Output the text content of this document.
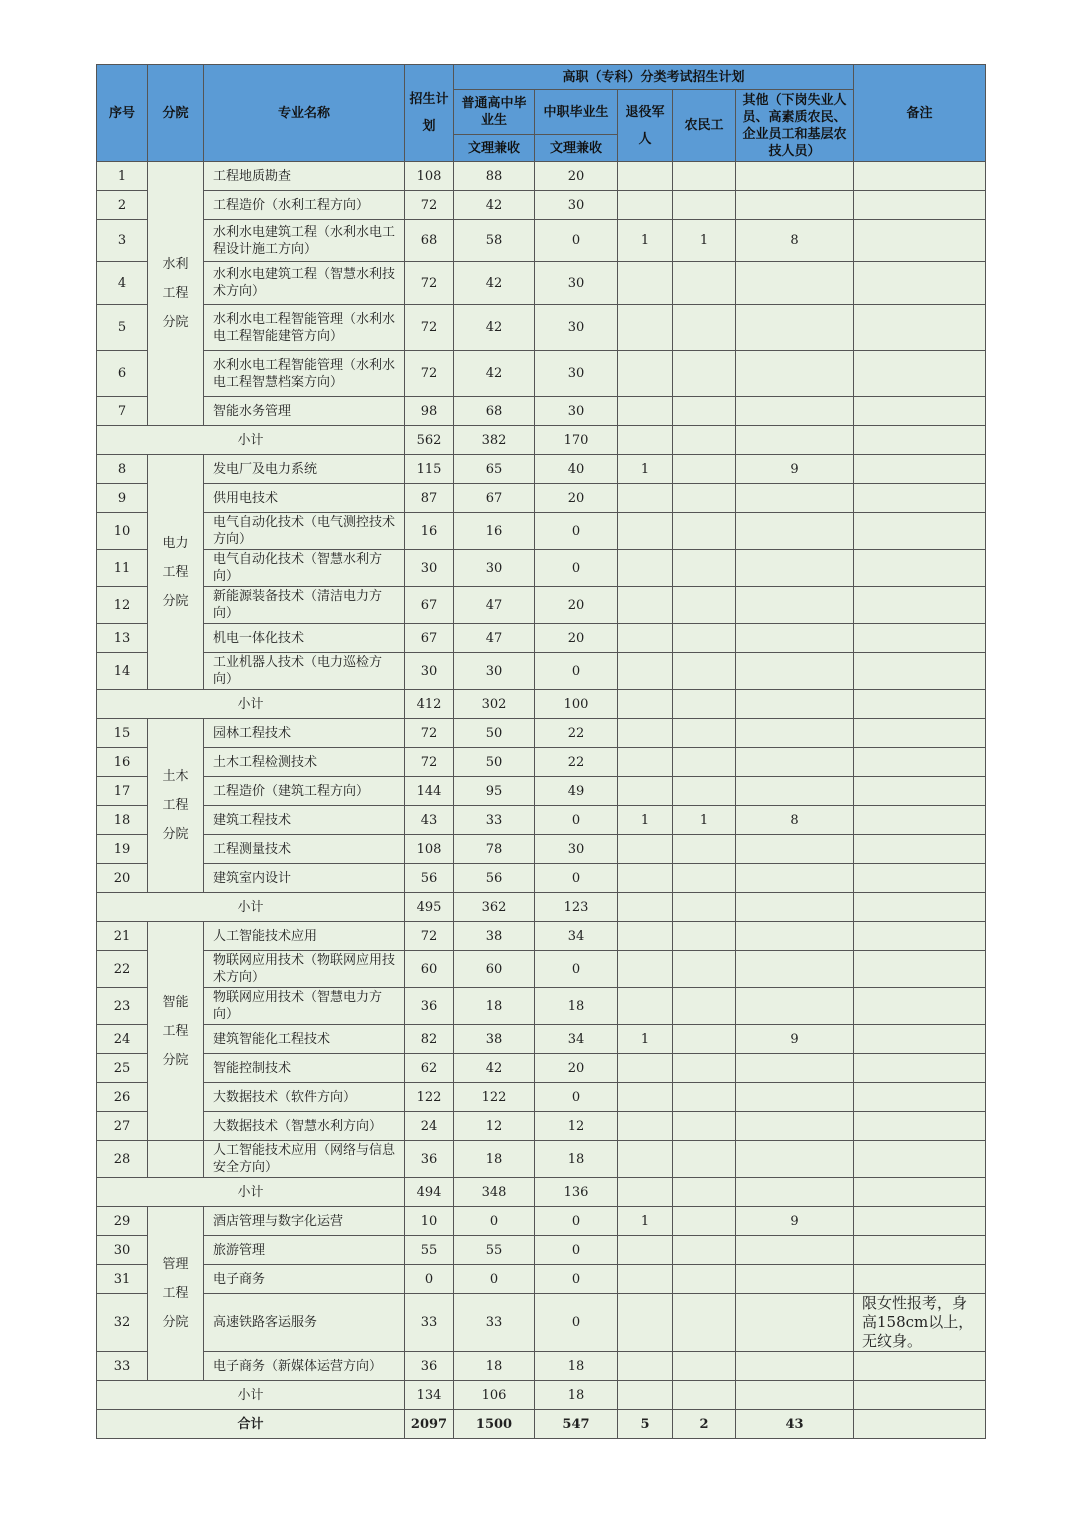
序号	分院	专业名称	招生计划	高职（专科）分类考试招生计划					备注
				普通高中毕业生	中职毕业生	退役军人	农民工	其他（下岗失业人员、高素质农民、企业员工和基层农技人员）	
				文理兼收	文理兼收				
1	水利工程分院	工程地质勘查	108	88	20				
2		工程造价（水利工程方向）	72	42	30				
3		水利水电建筑工程（水利水电工程设计施工方向）	68	58	0	1	1	8	
4		水利水电建筑工程（智慧水利技术方向）	72	42	30				
5		水利水电工程智能管理（水利水电工程智能建管方向）	72	42	30				
6		水利水电工程智能管理（水利水电工程智慧档案方向）	72	42	30				
7		智能水务管理	98	68	30				
小计			562	382	170				
8	电力工程分院	发电厂及电力系统	115	65	40	1		9	
9		供用电技术	87	67	20				
10		电气自动化技术（电气测控技术方向）	16	16	0				
11		电气自动化技术（智慧水利方向）	30	30	0				
12		新能源装备技术（清洁电力方向）	67	47	20				
13		机电一体化技术	67	47	20				
14		工业机器人技术（电力巡检方向）	30	30	0				
小计			412	302	100				
15	土木工程分院	园林工程技术	72	50	22				
16		土木工程检测技术	72	50	22				
17		工程造价（建筑工程方向）	144	95	49				
18		建筑工程技术	43	33	0	1	1	8	
19		工程测量技术	108	78	30				
20		建筑室内设计	56	56	0				
小计			495	362	123				
21	智能工程分院	人工智能技术应用	72	38	34				
22		物联网应用技术（物联网应用技术方向）	60	60	0				
23		物联网应用技术（智慧电力方向）	36	18	18				
24		建筑智能化工程技术	82	38	34	1		9	
25		智能控制技术	62	42	20				
26		大数据技术（软件方向）	122	122	0				
27		大数据技术（智慧水利方向）	24	12	12				
28		人工智能技术应用（网络与信息安全方向）	36	18	18				
小计			494	348	136				
29	管理工程分院	酒店管理与数字化运营	10	0	0	1		9	
30		旅游管理	55	55	0				
31		电子商务	0	0	0				
32		高速铁路客运服务	33	33	0				限女性报考，身高158cm以上，无纹身。
33		电子商务（新媒体运营方向）	36	18	18				
小计			134	106	18				
合计			2097	1500	547	5	2	43	
